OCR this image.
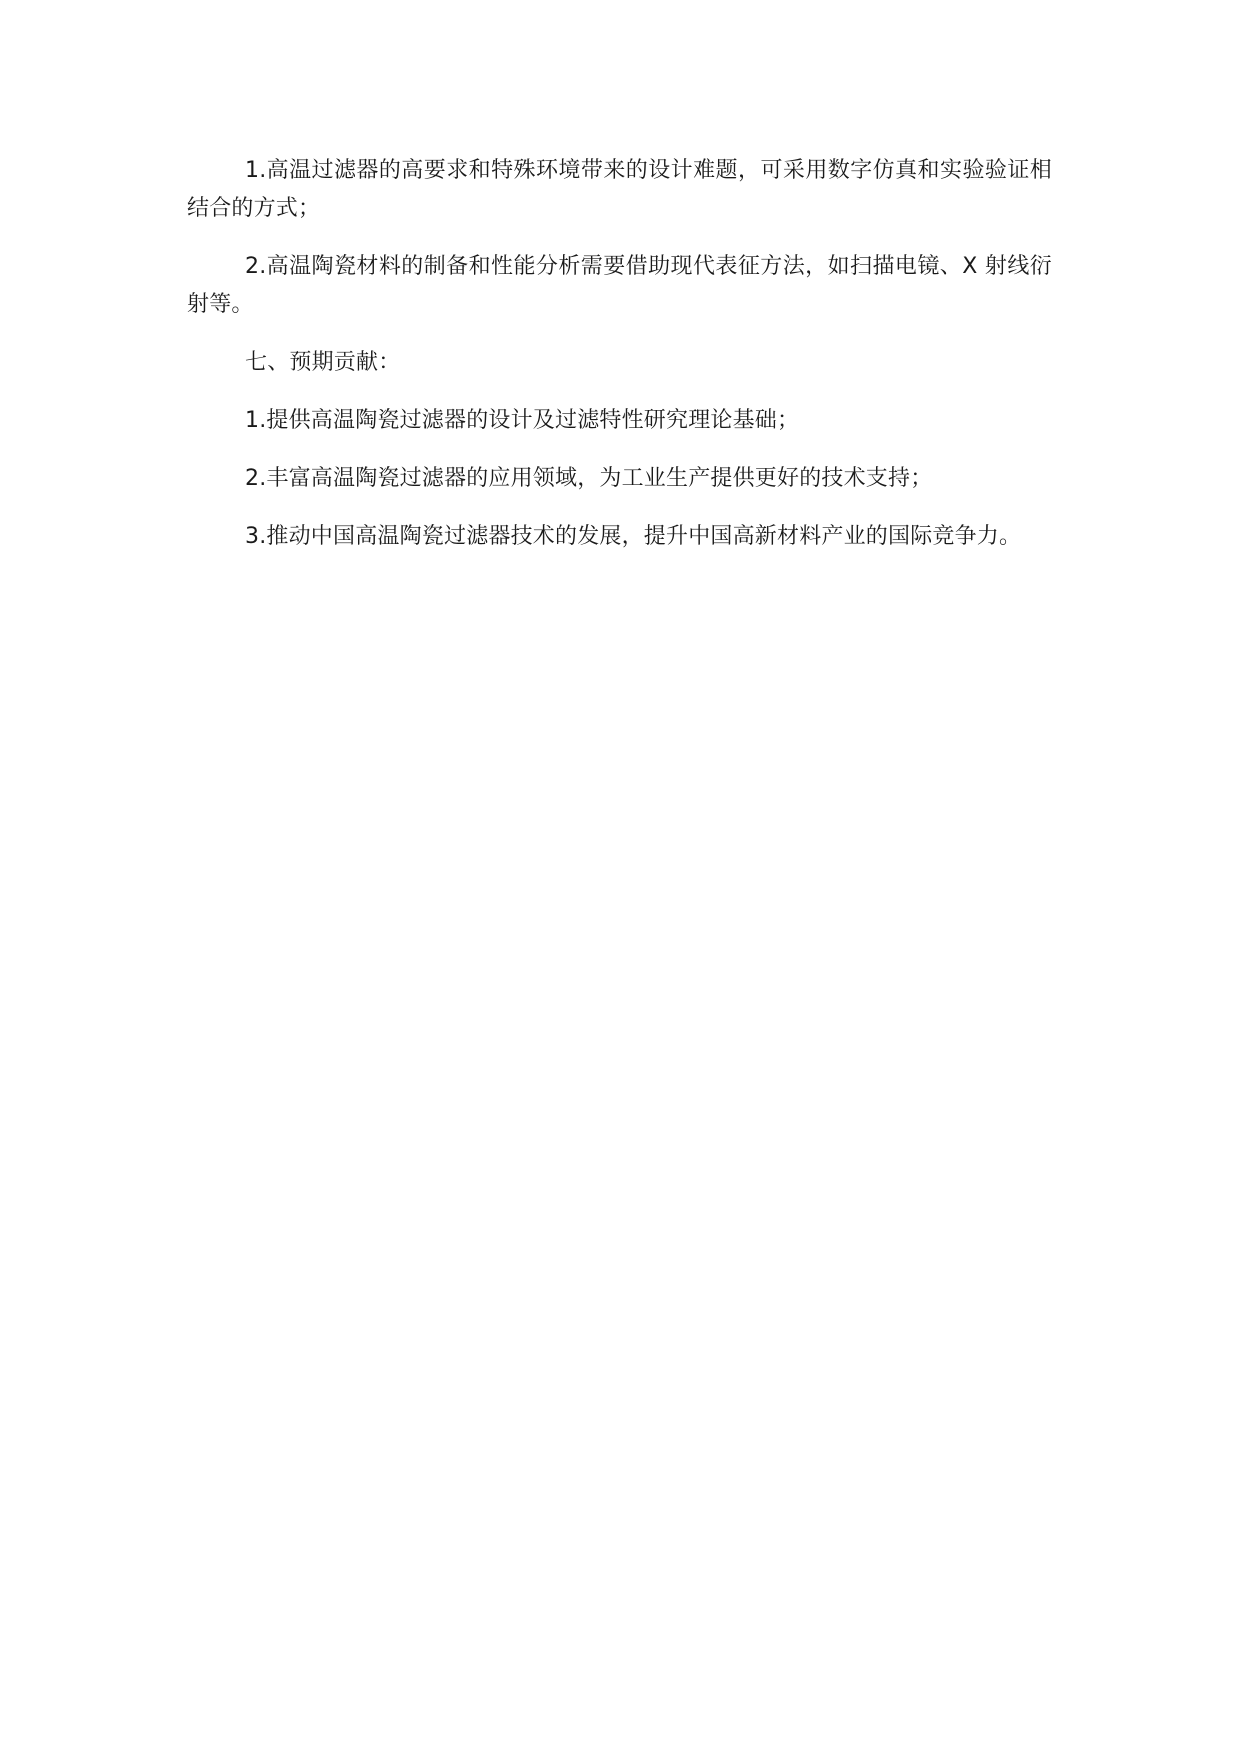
1.高温过滤器的高要求和特殊环境带来的设计难题，可采用数字仿真和实验验证相结合的方式；

2.高温陶瓷材料的制备和性能分析需要借助现代表征方法，如扫描电镜、X 射线衍射等。

七、预期贡献：

1.提供高温陶瓷过滤器的设计及过滤特性研究理论基础；

2.丰富高温陶瓷过滤器的应用领域，为工业生产提供更好的技术支持；

3.推动中国高温陶瓷过滤器技术的发展，提升中国高新材料产业的国际竞争力。
